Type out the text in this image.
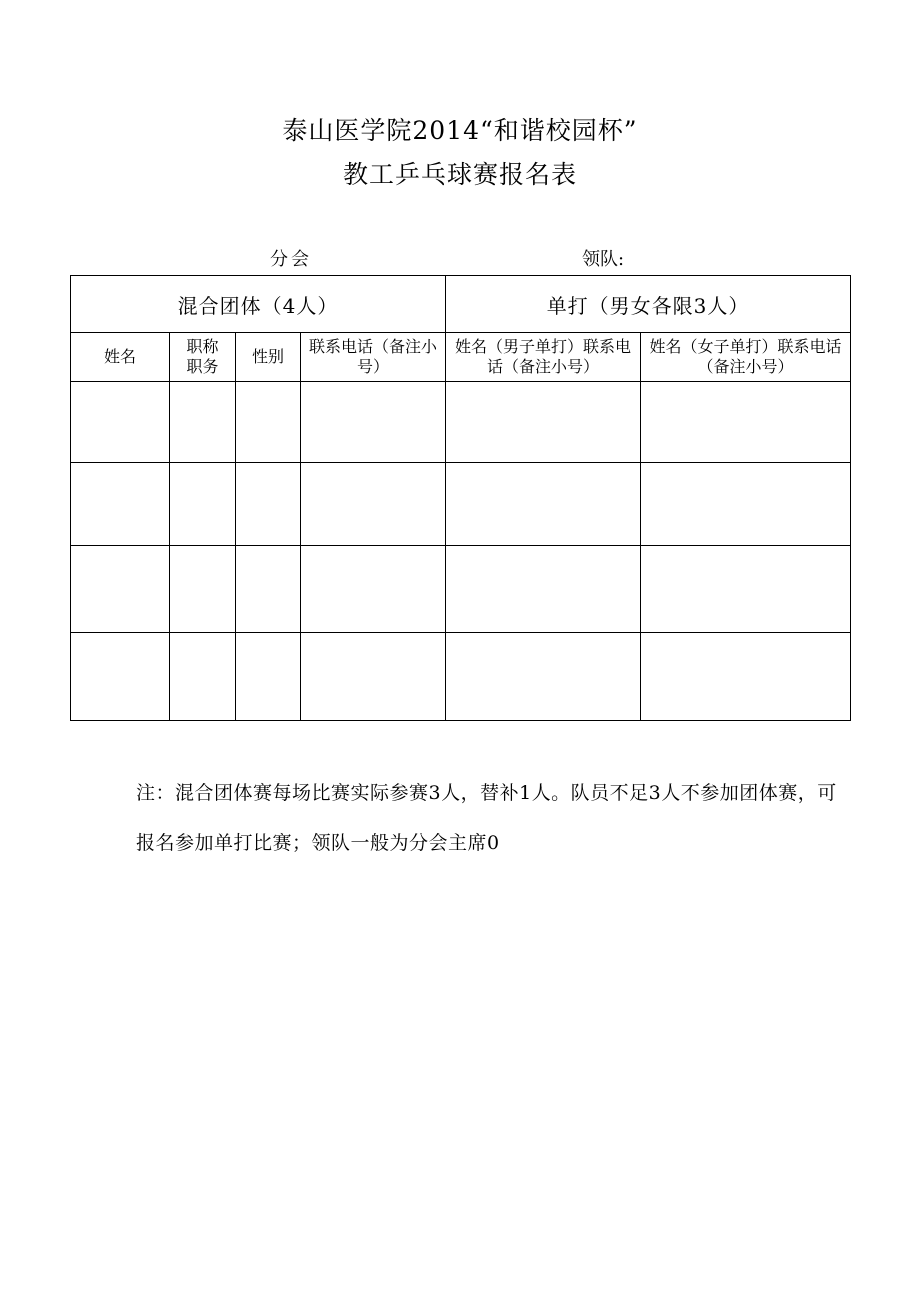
泰山医学院2014“和谐校园杯”
教工乒乓球赛报名表
分会	领队:
混合团体（4人）				单打（男女各限3人）	

姓名	职称职务	性别	联系电话（备注小号）	姓名（男子单打）联系电话（备注小号）	姓名（女子单打）联系电话（备注小号）

注：混合团体赛每场比赛实际参赛3人，替补1人。队员不足3人不参加团体赛，可报名参加单打比赛；领队一般为分会主席0
